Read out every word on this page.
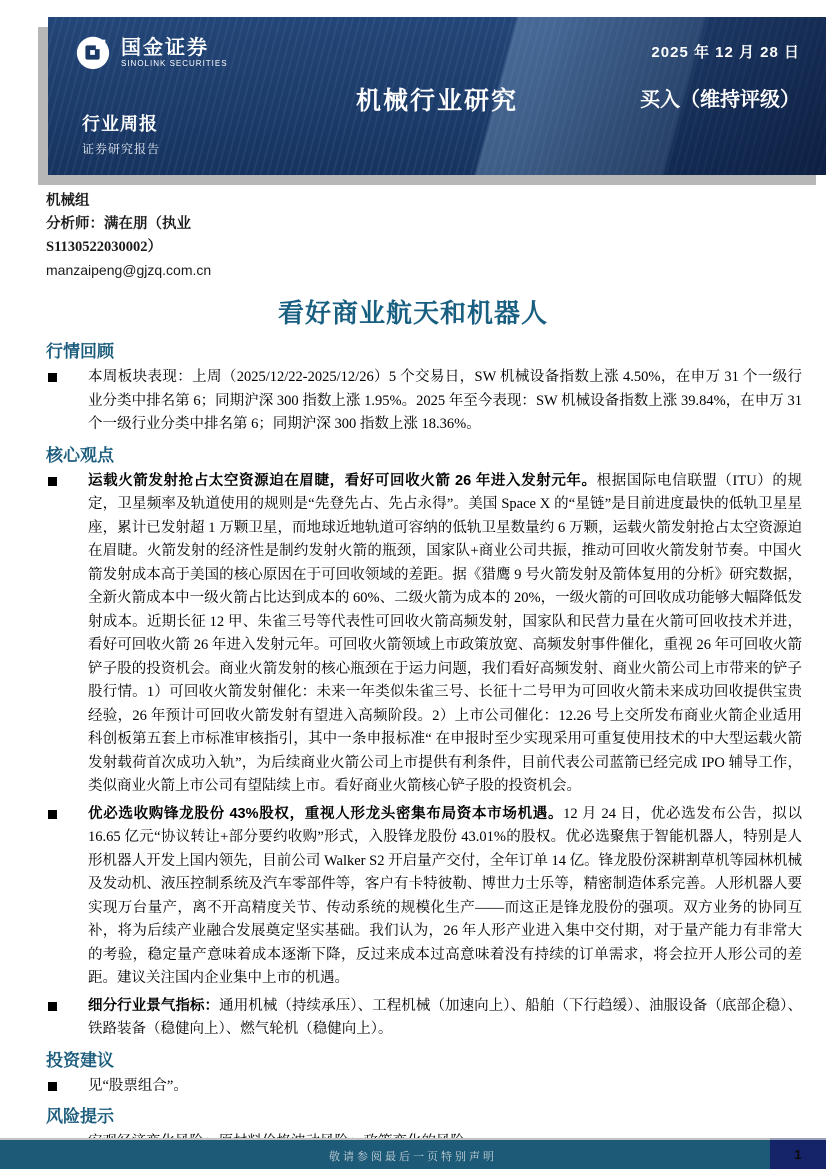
国金证券
SINOLINK SECURITIES
2025 年 12 月 28 日
机械行业研究	买入（维持评级）
行业周报
证券研究报告
机械组
分析师：满在朋（执业
S1130522030002）
manzaipeng@gjzq.com.cn
看好商业航天和机器人
行情回顾

本周板块表现：上周（2025/12/22-2025/12/26）5 个交易日，SW 机械设备指数上涨 4.50%，在申万 31 个一级行业分类中排名第 6；同期沪深 300 指数上涨 1.95%。2025 年至今表现：SW 机械设备指数上涨 39.84%，在申万 31 个一级行业分类中排名第 6；同期沪深 300 指数上涨 18.36%。

核心观点

运载火箭发射抢占太空资源迫在眉睫，看好可回收火箭 26 年进入发射元年。根据国际电信联盟（ITU）的规定，卫星频率及轨道使用的规则是“先登先占、先占永得”。美国 Space X 的“星链”是目前进度最快的低轨卫星星座，累计已发射超 1 万颗卫星，而地球近地轨道可容纳的低轨卫星数量约 6 万颗，运载火箭发射抢占太空资源迫在眉睫。火箭发射的经济性是制约发射火箭的瓶颈，国家队+商业公司共振，推动可回收火箭发射节奏。中国火箭发射成本高于美国的核心原因在于可回收领域的差距。据《猎鹰 9 号火箭发射及箭体复用的分析》研究数据，全新火箭成本中一级火箭占比达到成本的 60%、二级火箭为成本的 20%，一级火箭的可回收成功能够大幅降低发射成本。近期长征 12 甲、朱雀三号等代表性可回收火箭高频发射，国家队和民营力量在火箭可回收技术并进，看好可回收火箭 26 年进入发射元年。可回收火箭领域上市政策放宽、高频发射事件催化，重视 26 年可回收火箭铲子股的投资机会。商业火箭发射的核心瓶颈在于运力问题，我们看好高频发射、商业火箭公司上市带来的铲子股行情。1）可回收火箭发射催化：未来一年类似朱雀三号、长征十二号甲为可回收火箭未来成功回收提供宝贵经验，26 年预计可回收火箭发射有望进入高频阶段。2）上市公司催化：12.26 号上交所发布商业火箭企业适用科创板第五套上市标准审核指引，其中一条申报标准“ 在申报时至少实现采用可重复使用技术的中大型运载火箭发射载荷首次成功入轨”，为后续商业火箭公司上市提供有利条件，目前代表公司蓝箭已经完成 IPO 辅导工作，类似商业火箭上市公司有望陆续上市。看好商业火箭核心铲子股的投资机会。

优必选收购锋龙股份 43%股权，重视人形龙头密集布局资本市场机遇。12 月 24 日，优必选发布公告，拟以 16.65 亿元“协议转让+部分要约收购”形式，入股锋龙股份 43.01%的股权。优必选聚焦于智能机器人，特别是人形机器人开发上国内领先，目前公司 Walker S2 开启量产交付，全年订单 14 亿。锋龙股份深耕割草机等园林机械及发动机、液压控制系统及汽车零部件等，客户有卡特彼勒、博世力士乐等，精密制造体系完善。人形机器人要实现万台量产，离不开高精度关节、传动系统的规模化生产——而这正是锋龙股份的强项。双方业务的协同互补，将为后续产业融合发展奠定坚实基础。我们认为，26 年人形产业进入集中交付期，对于量产能力有非常大的考验，稳定量产意味着成本逐渐下降，反过来成本过高意味着没有持续的订单需求，将会拉开人形公司的差距。建议关注国内企业集中上市的机遇。

细分行业景气指标：通用机械（持续承压）、工程机械（加速向上）、船舶（下行趋缓）、油服设备（底部企稳）、铁路装备（稳健向上）、燃气轮机（稳健向上）。

投资建议

见“股票组合”。

风险提示

敬请参阅最后一页特别声明	1
